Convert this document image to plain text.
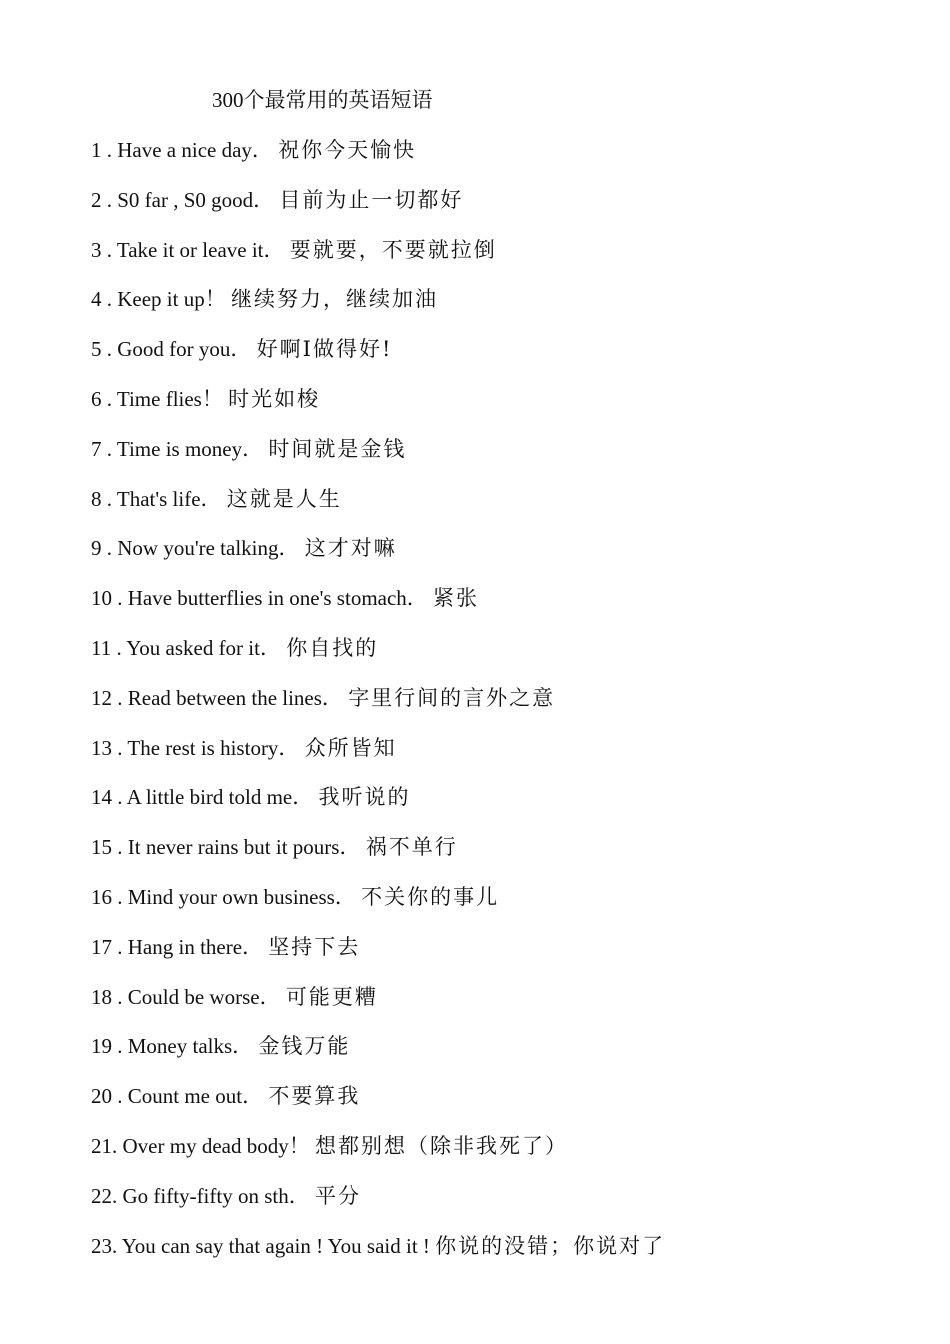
300个最常用的英语短语
1 . Have a nice day． 祝你今天愉快
2 . S0 far , S0 good． 目前为止一切都好
3 . Take it or leave it． 要就要，不要就拉倒
4 . Keep it up！ 继续努力，继续加油
5 . Good for you． 好啊I做得好!
6 . Time flies！ 时光如梭
7 . Time is money． 时间就是金钱
8 . That's life． 这就是人生
9 . Now you're talking． 这才对嘛
10 . Have butterflies in one's stomach． 紧张
11 . You asked for it． 你自找的
12 . Read between the lines． 字里行间的言外之意
13 . The rest is history． 众所皆知
14 . A little bird told me． 我听说的
15 . It never rains but it pours． 祸不单行
16 . Mind your own business． 不关你的事儿
17 . Hang in there． 坚持下去
18 . Could be worse． 可能更糟
19 . Money talks． 金钱万能
20 . Count me out． 不要算我
21. Over my dead body！ 想都别想（除非我死了）
22. Go fifty-fifty on sth． 平分
23. You can say that again ! You said it ! 你说的没错；你说对了
